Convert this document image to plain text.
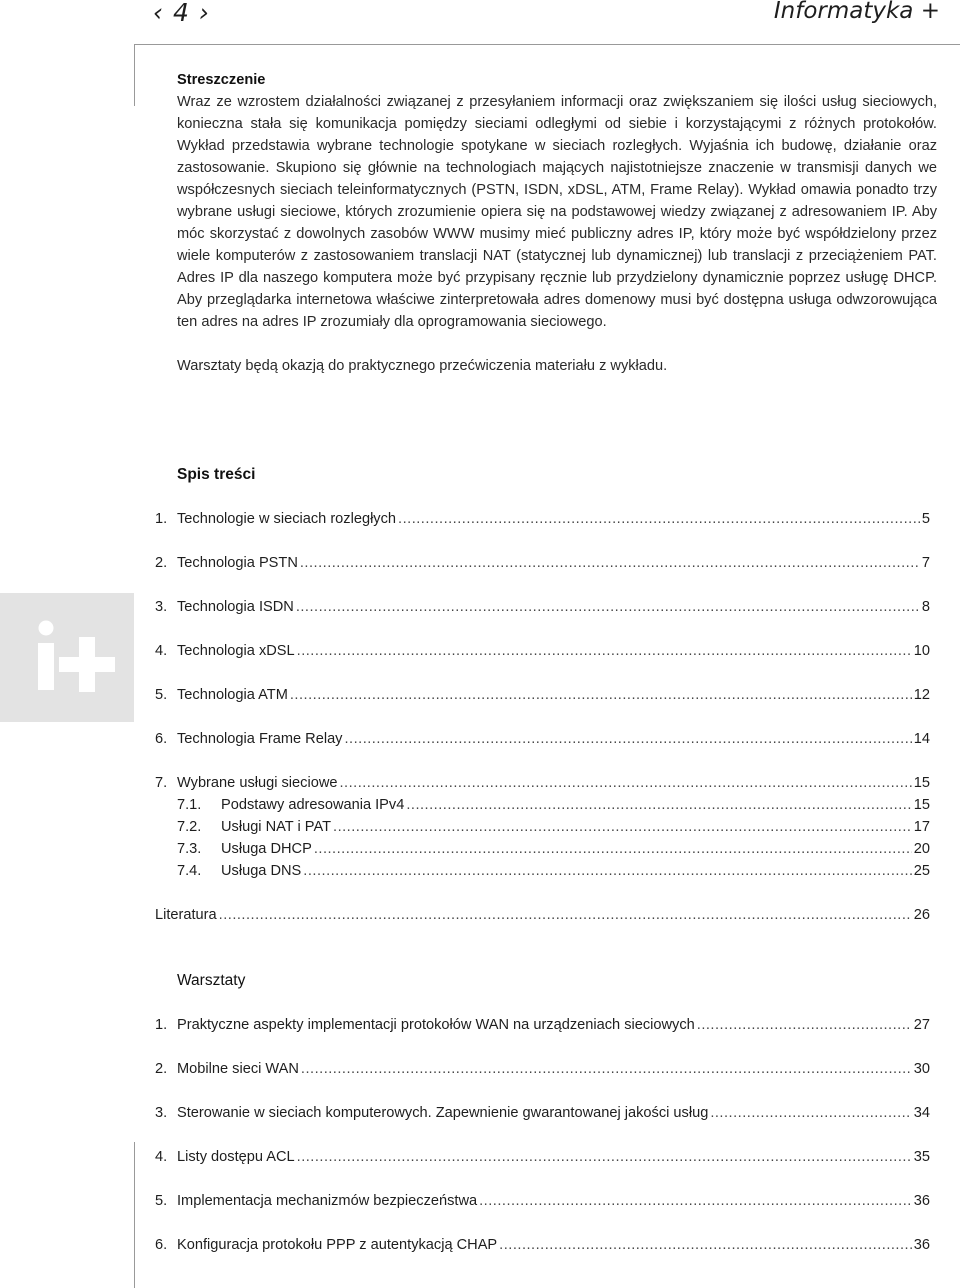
‹ 4 ›	Informatyka +
Streszczenie

Wraz ze wzrostem działalności związanej z przesyłaniem informacji oraz zwiększaniem się ilości usług sieciowych, konieczna stała się komunikacja pomiędzy sieciami odległymi od siebie i korzystającymi z różnych protokołów. Wykład przedstawia wybrane technologie spotykane w sieciach rozległych. Wyjaśnia ich budowę, działanie oraz zastosowanie. Skupiono się głównie na technologiach mających najistotniejsze znaczenie w transmisji danych we współczesnych sieciach teleinformatycznych (PSTN, ISDN, xDSL, ATM, Frame Relay). Wykład omawia ponadto trzy wybrane usługi sieciowe, których zrozumienie opiera się na podstawowej wiedzy związanej z adresowaniem IP. Aby móc skorzystać z dowolnych zasobów WWW musimy mieć publiczny adres IP, który może być współdzielony przez wiele komputerów z zastosowaniem translacji NAT (statycznej lub dynamicznej) lub translacji z przeciążeniem PAT. Adres IP dla naszego komputera może być przypisany ręcznie lub przydzielony dynamicznie poprzez usługę DHCP. Aby przeglądarka internetowa właściwe zinterpretowała adres domenowy musi być dostępna usługa odwzorowująca ten adres na adres IP zrozumiały dla oprogramowania sieciowego.

Warsztaty będą okazją do praktycznego przećwiczenia materiału z wykładu.

Spis treści
1. Technologie w sieciach rozległych .....	5
2. Technologia PSTN .....	7
3. Technologia ISDN .....	8
4. Technologia xDSL .....	10
5. Technologia ATM .....	12
6. Technologia Frame Relay .....	14
7. Wybrane usługi sieciowe .....	15
7.1.	Podstawy adresowania IPv4 .....	15
7.2.	Usługi NAT i PAT .....	17
7.3.	Usługa DHCP .....	20
7.4.	Usługa DNS .....	25
Literatura .....	26
Warsztaty
1. Praktyczne aspekty implementacji protokołów WAN na urządzeniach sieciowych .....	27
2. Mobilne sieci WAN .....	30
3. Sterowanie w sieciach komputerowych. Zapewnienie gwarantowanej jakości usług .....	34
4. Listy dostępu ACL .....	35
5. Implementacja mechanizmów bezpieczeństwa .....	36
6. Konfiguracja protokołu PPP z autentykacją CHAP .....	36
